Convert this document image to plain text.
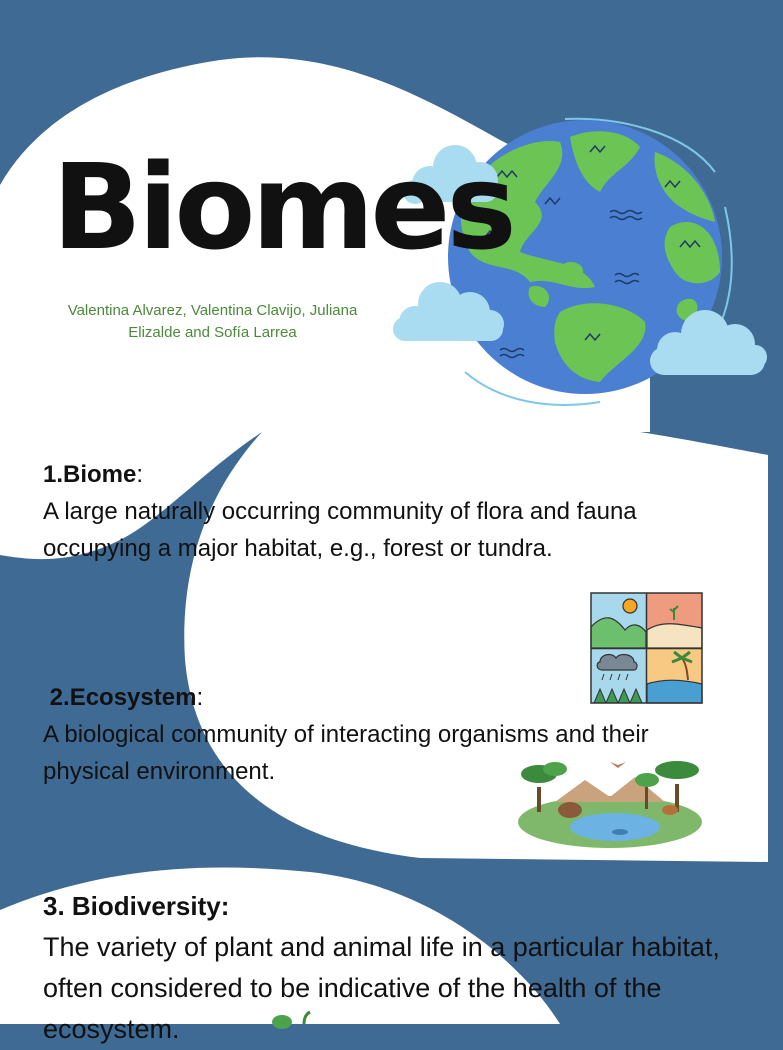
Biomes
Valentina Alvarez, Valentina Clavijo, Juliana Elizalde and Sofía Larrea
1.Biome:
A large naturally occurring community of flora and fauna
occupying a major habitat, e.g., forest or tundra.
2.Ecosystem:
A biological community of interacting organisms and their
physical environment.
3. Biodiversity:
The variety of plant and animal life in a particular habitat,
often considered to be indicative of the health of the
ecosystem.
